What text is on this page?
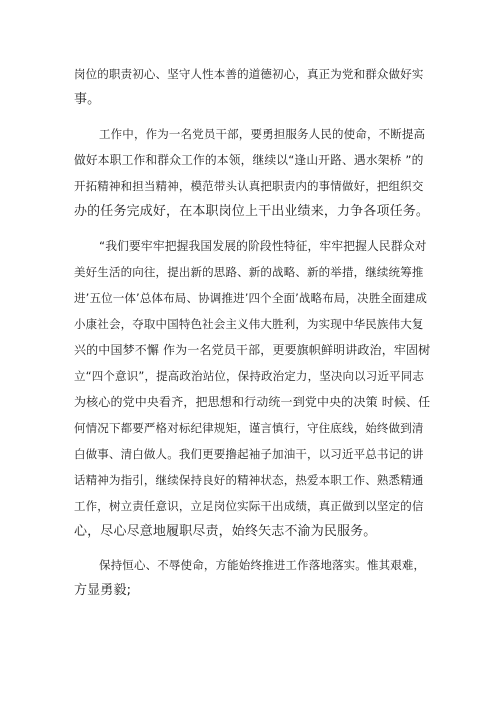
岗位的职责初心、坚守人性本善的道德初心，真正为党和群众做好实
事。
工作中，作为一名党员干部，要勇担服务人民的使命，不断提高
做好本职工作和群众工作的本领，继续以“逢山开路、遇水架桥 ”的
开拓精神和担当精神，模范带头认真把职责内的事情做好，把组织交
办的任务完成好，在本职岗位上干出业绩来，力争各项任务。
“我们要牢牢把握我国发展的阶段性特征，牢牢把握人民群众对
美好生活的向往，提出新的思路、新的战略、新的举措，继续统筹推
进’五位一体’总体布局、协调推进’四个全面’战略布局，决胜全面建成
小康社会，夺取中国特色社会主义伟大胜利，为实现中华民族伟大复
兴的中国梦不懈 作为一名党员干部，更要旗帜鲜明讲政治，牢固树
立“四个意识”，提高政治站位，保持政治定力，坚决向以习近平同志
为核心的党中央看齐，把思想和行动统一到党中央的决策 时候、任
何情况下都要严格对标纪律规矩，谨言慎行，守住底线，始终做到清
白做事、清白做人。我们更要撸起袖子加油干，以习近平总书记的讲
话精神为指引，继续保持良好的精神状态，热爱本职工作、熟悉精通
工作，树立责任意识，立足岗位实际干出成绩，真正做到以坚定的信
心，尽心尽意地履职尽责，始终矢志不渝为民服务。
保持恒心、不辱使命，方能始终推进工作落地落实。惟其艰难，
方显勇毅;
